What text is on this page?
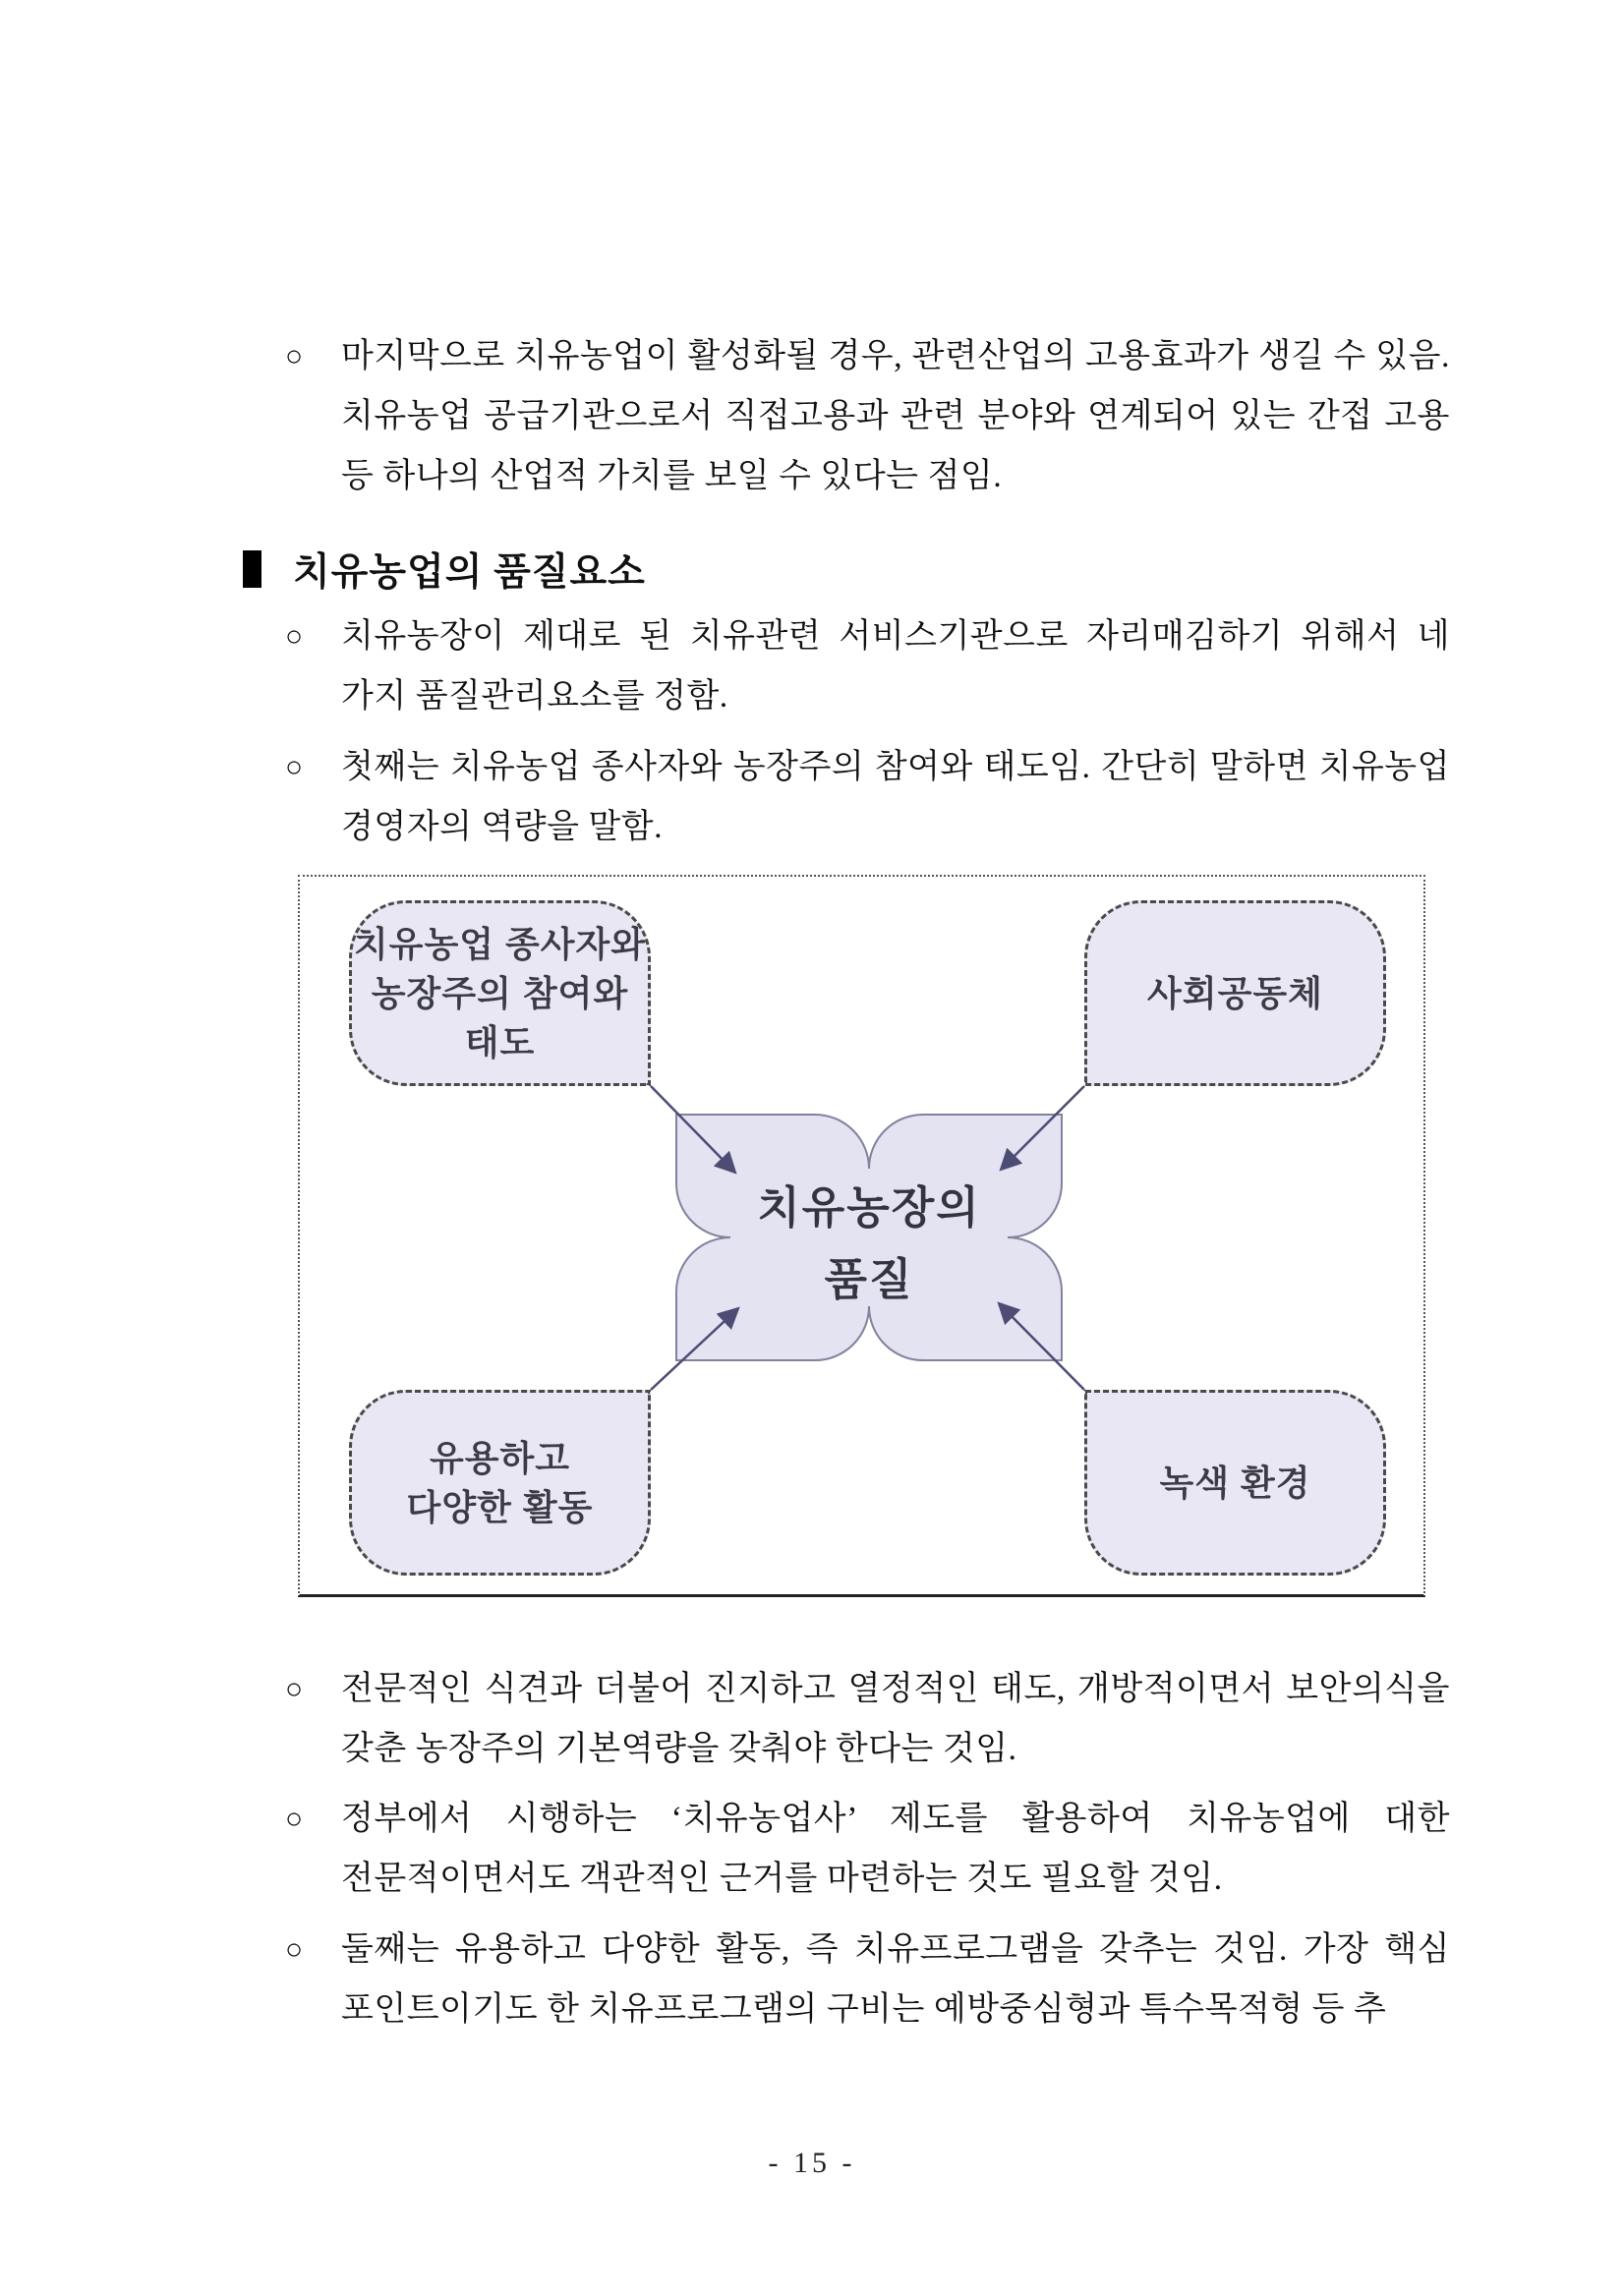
○	마지막으로 치유농업이 활성화될 경우, 관련산업의 고용효과가 생길 수 있음. 치유농업 공급기관으로서 직접고용과 관련 분야와 연계되어 있는 간접 고용 등 하나의 산업적 가치를 보일 수 있다는 점임.

치유농업의 품질요소
○	치유농장이 제대로 된 치유관련 서비스기관으로 자리매김하기 위해서 네 가지 품질관리요소를 정함.

○	첫째는 치유농업 종사자와 농장주의 참여와 태도임. 간단히 말하면 치유농업 경영자의 역량을 말함.

치유농업 종사자와
농장주의 참여와
태도
사회공동체
유용하고
다양한 활동
녹색 환경
치유농장의
품질
○	전문적인 식견과 더불어 진지하고 열정적인 태도, 개방적이면서 보안의식을 갖춘 농장주의 기본역량을 갖춰야 한다는 것임.

○	정부에서 시행하는 ‘치유농업사’ 제도를 활용하여 치유농업에 대한 전문적이면서도 객관적인 근거를 마련하는 것도 필요할 것임.

○	둘째는 유용하고 다양한 활동, 즉 치유프로그램을 갖추는 것임. 가장 핵심 포인트이기도 한 치유프로그램의 구비는 예방중심형과 특수목적형 등 추

- 15 -
